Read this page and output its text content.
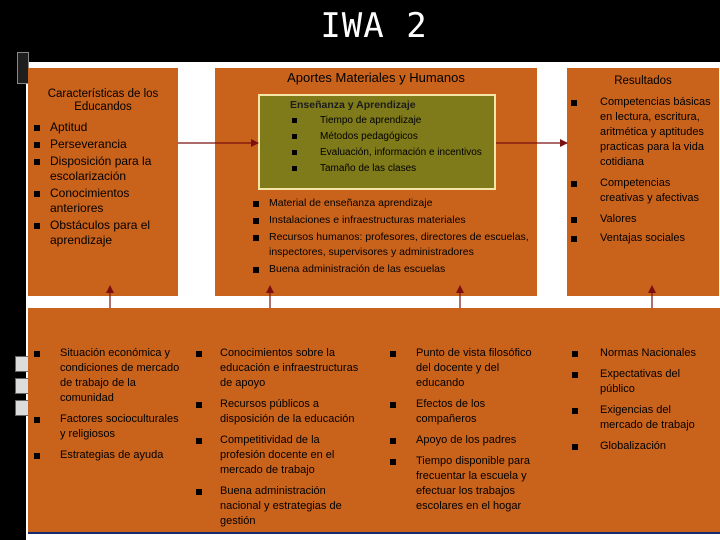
IWA 2
Características de los Educandos
Aptitud
Perseverancia
Disposición para la escolarización
Conocimientos anteriores
Obstáculos para el aprendizaje
Aportes Materiales y Humanos
Material de enseñanza aprendizaje
Instalaciones e infraestructuras materiales
Recursos humanos: profesores, directores de escuelas, inspectores, supervisores y administradores
Buena administración de las escuelas
Enseñanza y Aprendizaje
Tiempo de aprendizaje
Métodos pedagógicos
Evaluación, información e incentivos
Tamaño de las clases
Resultados
Competencias básicas en lectura, escritura, aritmética y aptitudes practicas para la vida cotidiana
Competencias creativas y afectivas
Valores
Ventajas sociales
Situación económica y condiciones de mercado de trabajo de la comunidad
Factores socioculturales y religiosos
Estrategias de ayuda
Conocimientos sobre la educación e infraestructuras de apoyo
Recursos públicos a disposición de la educación
Competitividad de la profesión docente en el mercado de trabajo
Buena administración nacional y estrategias de gestión
Punto de vista filosófico del docente y del educando
Efectos de los compañeros
Apoyo de los padres
Tiempo disponible para frecuentar la escuela y efectuar los trabajos escolares en el hogar
Normas Nacionales
Expectativas del público
Exigencias del mercado de trabajo
Globalización
